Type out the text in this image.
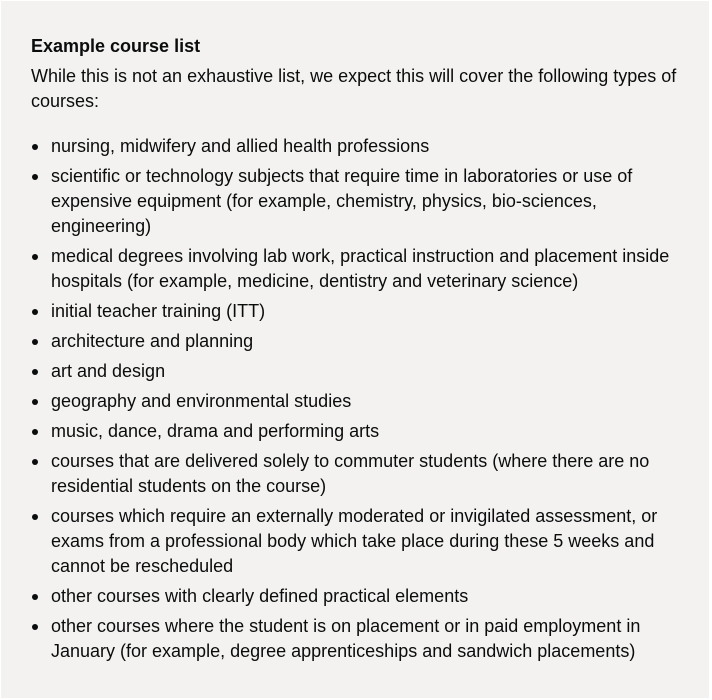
Example course list

While this is not an exhaustive list, we expect this will cover the following types of courses:

nursing, midwifery and allied health professions
scientific or technology subjects that require time in laboratories or use of expensive equipment (for example, chemistry, physics, bio-sciences, engineering)
medical degrees involving lab work, practical instruction and placement inside hospitals (for example, medicine, dentistry and veterinary science)
initial teacher training (ITT)
architecture and planning
art and design
geography and environmental studies
music, dance, drama and performing arts
courses that are delivered solely to commuter students (where there are no residential students on the course)
courses which require an externally moderated or invigilated assessment, or exams from a professional body which take place during these 5 weeks and cannot be rescheduled
other courses with clearly defined practical elements
other courses where the student is on placement or in paid employment in January (for example, degree apprenticeships and sandwich placements)
